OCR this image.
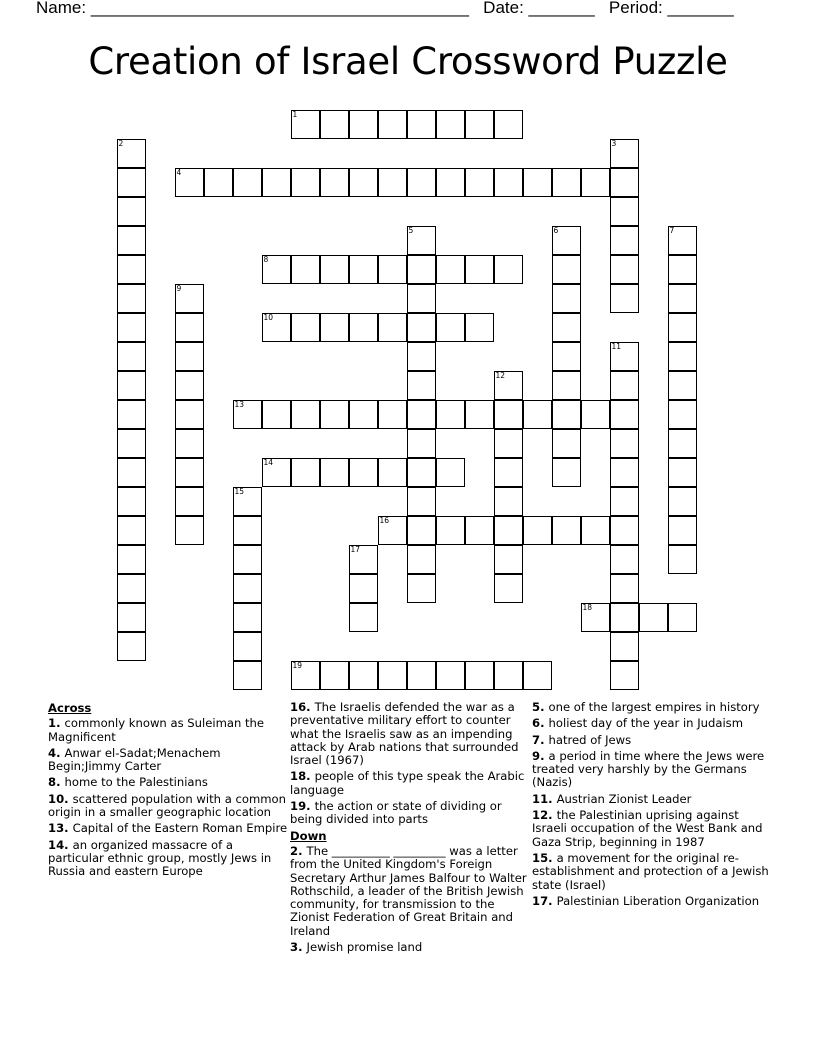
Name: ________________________________________ Date: _______ Period: _______
Creation of Israel Crossword Puzzle
1
4
8
10
13
14
16
18
19
2	3
5	6	7
9
11
12
15
17
Across
1. commonly known as Suleiman the Magnificent
4. Anwar el-Sadat;Menachem Begin;Jimmy Carter
8. home to the Palestinians
10. scattered population with a common origin in a smaller geographic location
13. Capital of the Eastern Roman Empire
14. an organized massacre of a particular ethnic group, mostly Jews in Russia and eastern Europe
16. The Israelis defended the war as a preventative military effort to counter what the Israelis saw as an impending attack by Arab nations that surrounded Israel (1967)
18. people of this type speak the Arabic language
19. the action or state of dividing or being divided into parts
Down
2. The __________ _________ was a letter from the United Kingdom's Foreign Secretary Arthur James Balfour to Walter Rothschild, a leader of the British Jewish community, for transmission to the Zionist Federation of Great Britain and Ireland
3. Jewish promise land
5. one of the largest empires in history
6. holiest day of the year in Judaism
7. hatred of Jews
9. a period in time where the Jews were treated very harshly by the Germans (Nazis)
11. Austrian Zionist Leader
12. the Palestinian uprising against Israeli occupation of the West Bank and Gaza Strip, beginning in 1987
15. a movement for the original re-establishment and protection of a Jewish state (Israel)
17. Palestinian Liberation Organization
